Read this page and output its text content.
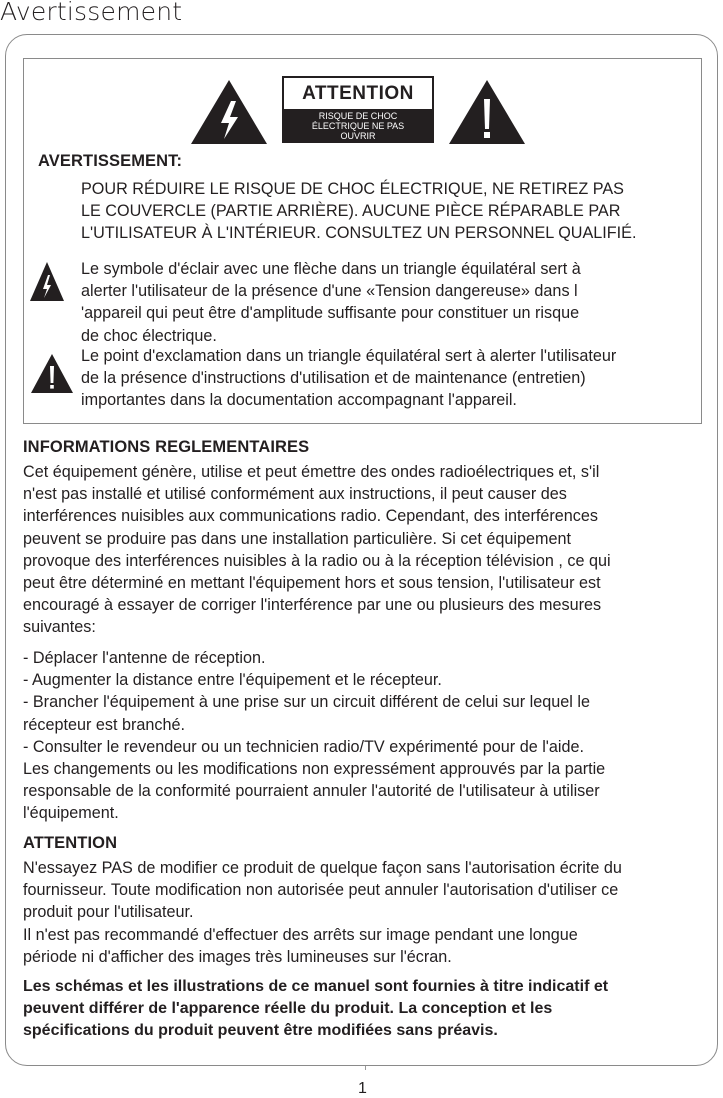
Avertissement
ATTENTION
RISQUE DE CHOC
ÉLECTRIQUE NE PAS
OUVRIR
AVERTISSEMENT:
POUR RÉDUIRE LE RISQUE DE CHOC ÉLECTRIQUE, NE RETIREZ PAS
LE COUVERCLE (PARTIE ARRIÈRE). AUCUNE PIÈCE RÉPARABLE PAR
L'UTILISATEUR À L'INTÉRIEUR. CONSULTEZ UN PERSONNEL QUALIFIÉ.
Le symbole d'éclair avec une flèche dans un triangle équilatéral sert à
alerter l'utilisateur de la présence d'une «Tension dangereuse» dans l
'appareil qui peut être d'amplitude suffisante pour constituer un risque
de choc électrique.
Le point d'exclamation dans un triangle équilatéral sert à alerter l'utilisateur
de la présence d'instructions d'utilisation et de maintenance (entretien)
importantes dans la documentation accompagnant l'appareil.
INFORMATIONS REGLEMENTAIRES
Cet équipement génère, utilise et peut émettre des ondes radioélectriques et, s'il
n'est pas installé et utilisé conformément aux instructions, il peut causer des
interférences nuisibles aux communications radio. Cependant, des interférences
peuvent se produire pas dans une installation particulière. Si cet équipement
provoque des interférences nuisibles à la radio ou à la réception télévision , ce qui
peut être déterminé en mettant l'équipement hors et sous tension, l'utilisateur est
encouragé à essayer de corriger l'interférence par une ou plusieurs des mesures
suivantes:
- Déplacer l'antenne de réception.
- Augmenter la distance entre l'équipement et le récepteur.
- Brancher l'équipement à une prise sur un circuit différent de celui sur lequel le
récepteur est branché.
- Consulter le revendeur ou un technicien radio/TV expérimenté pour de l'aide.
Les changements ou les modifications non expressément approuvés par la partie
responsable de la conformité pourraient annuler l'autorité de l'utilisateur à utiliser
l'équipement.
ATTENTION
N'essayez PAS de modifier ce produit de quelque façon sans l'autorisation écrite du
fournisseur. Toute modification non autorisée peut annuler l'autorisation d'utiliser ce
produit pour l'utilisateur.
Il n'est pas recommandé d'effectuer des arrêts sur image pendant une longue
période ni d'afficher des images très lumineuses sur l'écran.
Les schémas et les illustrations de ce manuel sont fournies à titre indicatif et
peuvent différer de l'apparence réelle du produit. La conception et les
spécifications du produit peuvent être modifiées sans préavis.
1
